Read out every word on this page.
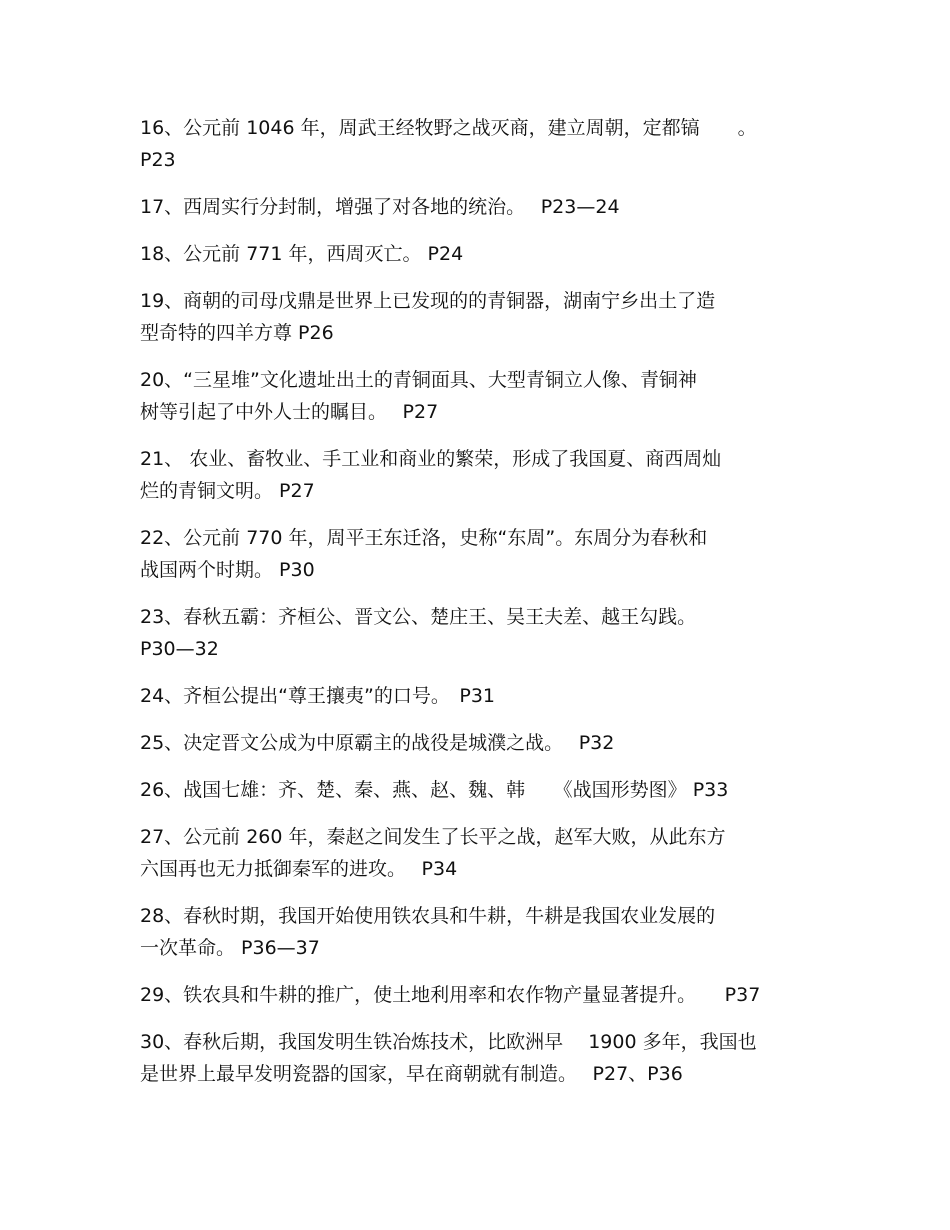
16、公元前 1046 年，周武王经牧野之战灭商，建立周朝，定都镐　　。
P23
17、西周实行分封制，增强了对各地的统治。　 P23—24
18、公元前 771 年，西周灭亡。 P24
19、商朝的司母戊鼎是世界上已发现的的青铜器，湖南宁乡出土了造
型奇特的四羊方尊 P26
20、“三星堆”文化遗址出土的青铜面具、大型青铜立人像、青铜神
树等引起了中外人士的瞩目。　 P27
21、 农业、畜牧业、手工业和商业的繁荣，形成了我国夏、商西周灿
烂的青铜文明。 P27
22、公元前 770 年，周平王东迁洛，史称“东周”。东周分为春秋和
战国两个时期。 P30
23、春秋五霸：齐桓公、晋文公、楚庄王、吴王夫差、越王勾践。
P30—32
24、齐桓公提出“尊王攘夷”的口号。　P31
25、决定晋文公成为中原霸主的战役是城濮之战。　 P32
26、战国七雄：齐、楚、秦、燕、赵、魏、韩　　《战国形势图》 P33
27、公元前 260 年，秦赵之间发生了长平之战，赵军大败，从此东方
六国再也无力抵御秦军的进攻。　 P34
28、春秋时期，我国开始使用铁农具和牛耕，牛耕是我国农业发展的
一次革命。 P36—37
29、铁农具和牛耕的推广，使土地利用率和农作物产量显著提升。　　P37
30、春秋后期，我国发明生铁冶炼技术，比欧洲早　 1900 多年，我国也
是世界上最早发明瓷器的国家，早在商朝就有制造。　 P27、P36
